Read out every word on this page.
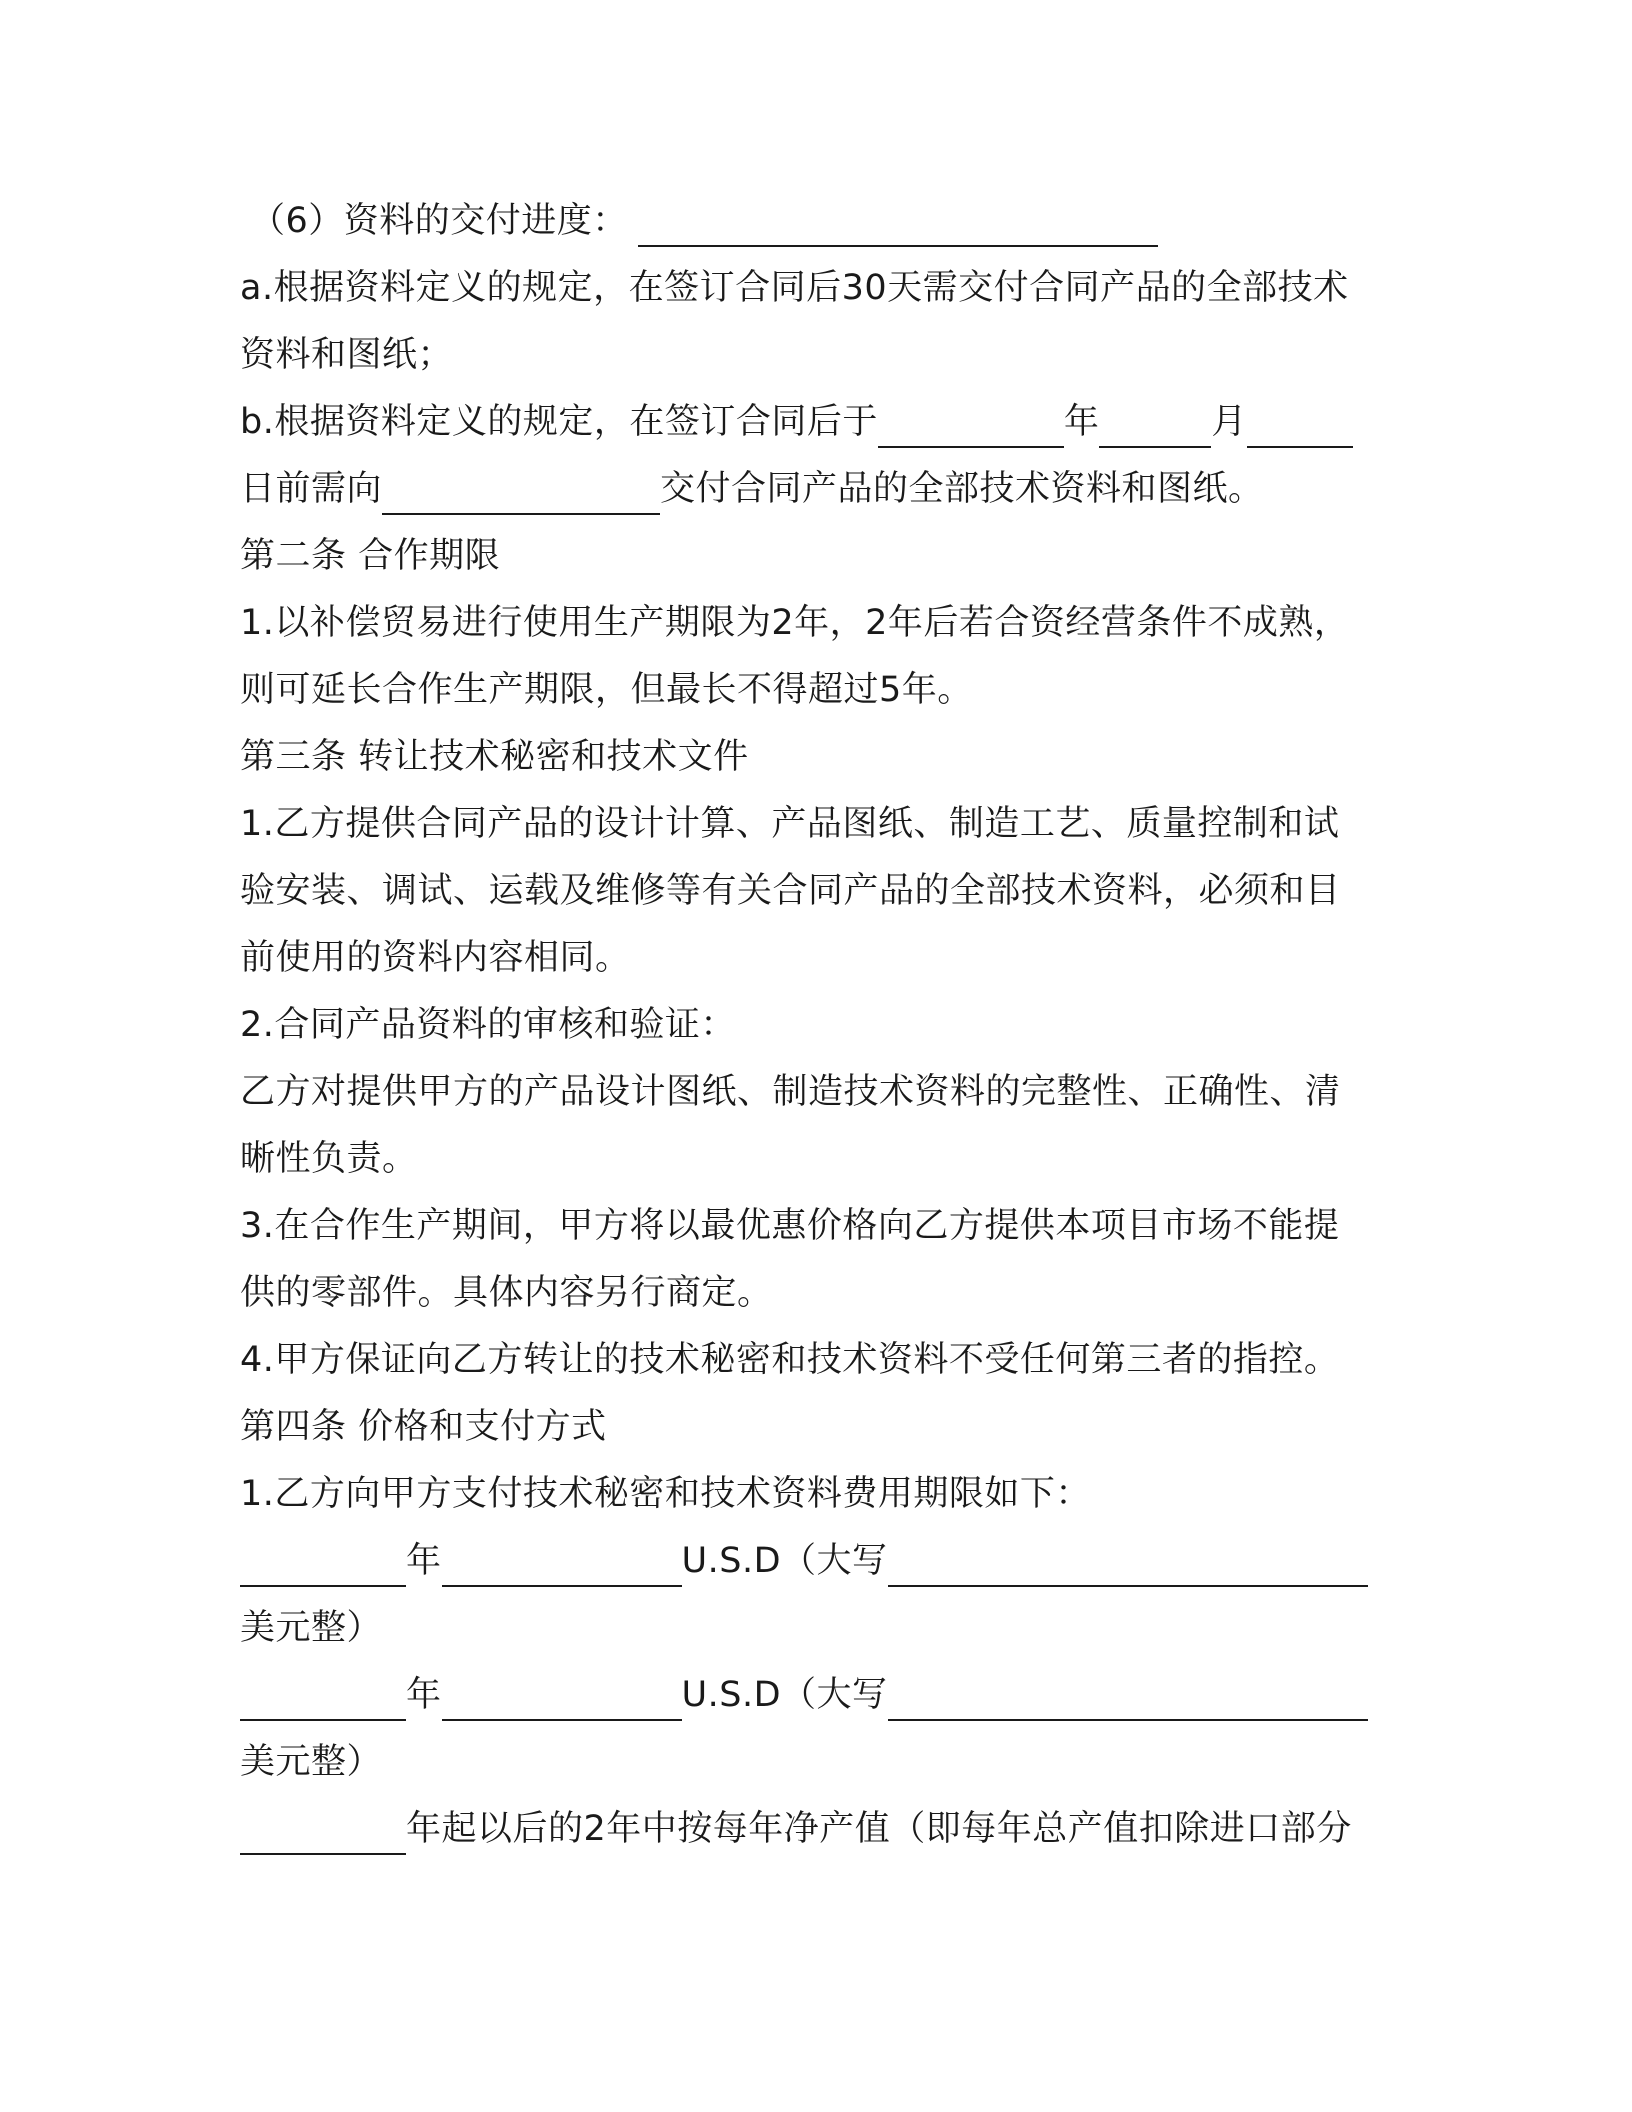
（6）资料的交付进度：
a.根据资料定义的规定，在签订合同后30天需交付合同产品的全部技术
资料和图纸；
b.根据资料定义的规定，在签订合同后于	年	月
日前需向	交付合同产品的全部技术资料和图纸。
第二条 合作期限
1.以补偿贸易进行使用生产期限为2年，2年后若合资经营条件不成熟，
则可延长合作生产期限，但最长不得超过5年。
第三条 转让技术秘密和技术文件
1.乙方提供合同产品的设计计算、产品图纸、制造工艺、质量控制和试
验安装、调试、运载及维修等有关合同产品的全部技术资料，必须和目
前使用的资料内容相同。
2.合同产品资料的审核和验证：
乙方对提供甲方的产品设计图纸、制造技术资料的完整性、正确性、清
晰性负责。
3.在合作生产期间，甲方将以最优惠价格向乙方提供本项目市场不能提
供的零部件。具体内容另行商定。
4.甲方保证向乙方转让的技术秘密和技术资料不受任何第三者的指控。
第四条 价格和支付方式
1.乙方向甲方支付技术秘密和技术资料费用期限如下：
年	U.S.D（大写
美元整）
年	U.S.D（大写
美元整）
年起以后的2年中按每年净产值（即每年总产值扣除进口部分
